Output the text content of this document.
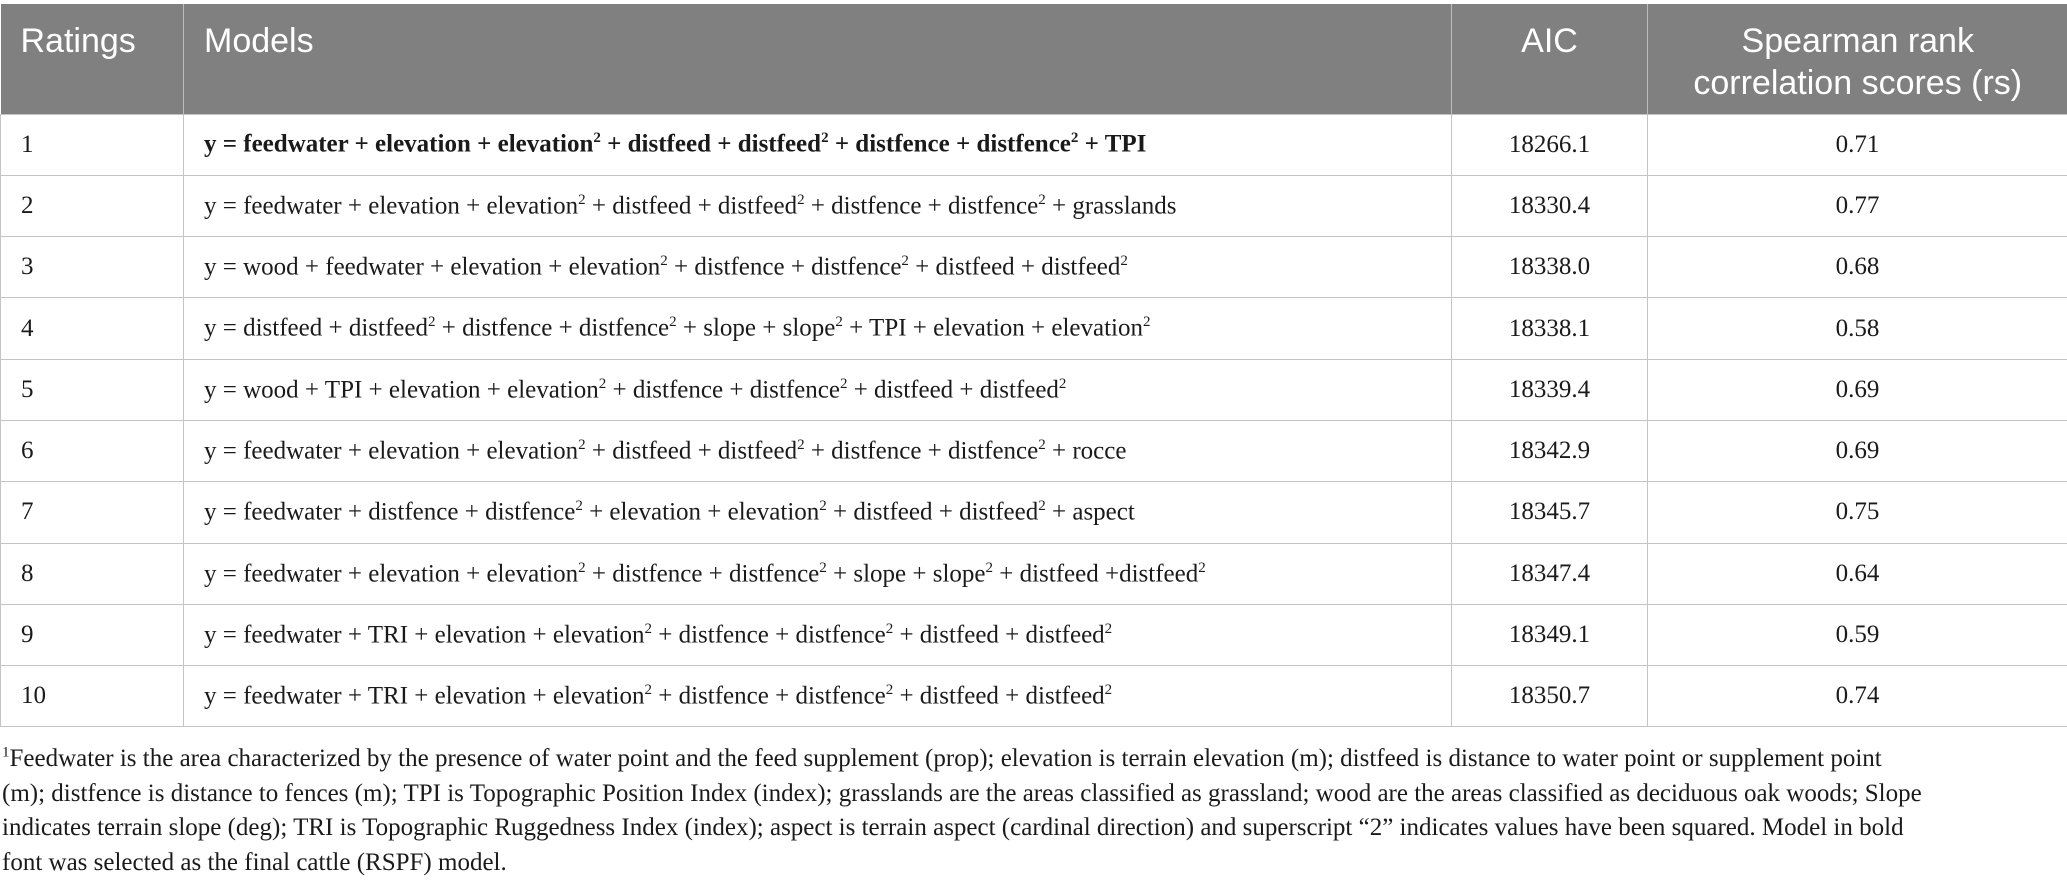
Ratings	Models	AIC	Spearman rank
correlation scores (rs)
1	y = feedwater + elevation + elevation$^2$ + distfeed + distfeed$^2$ + distfence + distfence$^2$ + TPI	18266.1	0.71
2	y = feedwater + elevation + elevation$^2$ + distfeed + distfeed$^2$ + distfence + distfence$^2$ + grasslands	18330.4	0.77
3	y = wood + feedwater + elevation + elevation$^2$ + distfence + distfence$^2$ + distfeed + distfeed$^2$	18338.0	0.68
4	y = distfeed + distfeed$^2$ + distfence + distfence$^2$ + slope + slope$^2$ + TPI + elevation + elevation$^2$	18338.1	0.58
5	y = wood + TPI + elevation + elevation$^2$ + distfence + distfence$^2$ + distfeed + distfeed$^2$	18339.4	0.69
6	y = feedwater + elevation + elevation$^2$ + distfeed + distfeed$^2$ + distfence + distfence$^2$ + rocce	18342.9	0.69
7	y = feedwater + distfence + distfence$^2$ + elevation + elevation$^2$ + distfeed + distfeed$^2$ + aspect	18345.7	0.75
8	y = feedwater + elevation + elevation$^2$ + distfence + distfence$^2$ + slope + slope$^2$ + distfeed +distfeed$^2$	18347.4	0.64
9	y = feedwater + TRI + elevation + elevation$^2$ + distfence + distfence$^2$ + distfeed + distfeed$^2$	18349.1	0.59
10	y = feedwater + TRI + elevation + elevation$^2$ + distfence + distfence$^2$ + distfeed + distfeed$^2$	18350.7	0.74
$^1$Feedwater is the area characterized by the presence of water point and the feed supplement (prop); elevation is terrain elevation (m); distfeed is distance to water point or supplement point
(m); distfence is distance to fences (m); TPI is Topographic Position Index (index); grasslands are the areas classified as grassland; wood are the areas classified as deciduous oak woods; Slope
indicates terrain slope (deg); TRI is Topographic Ruggedness Index (index); aspect is terrain aspect (cardinal direction) and superscript “2” indicates values have been squared. Model in bold
font was selected as the final cattle (RSPF) model.
